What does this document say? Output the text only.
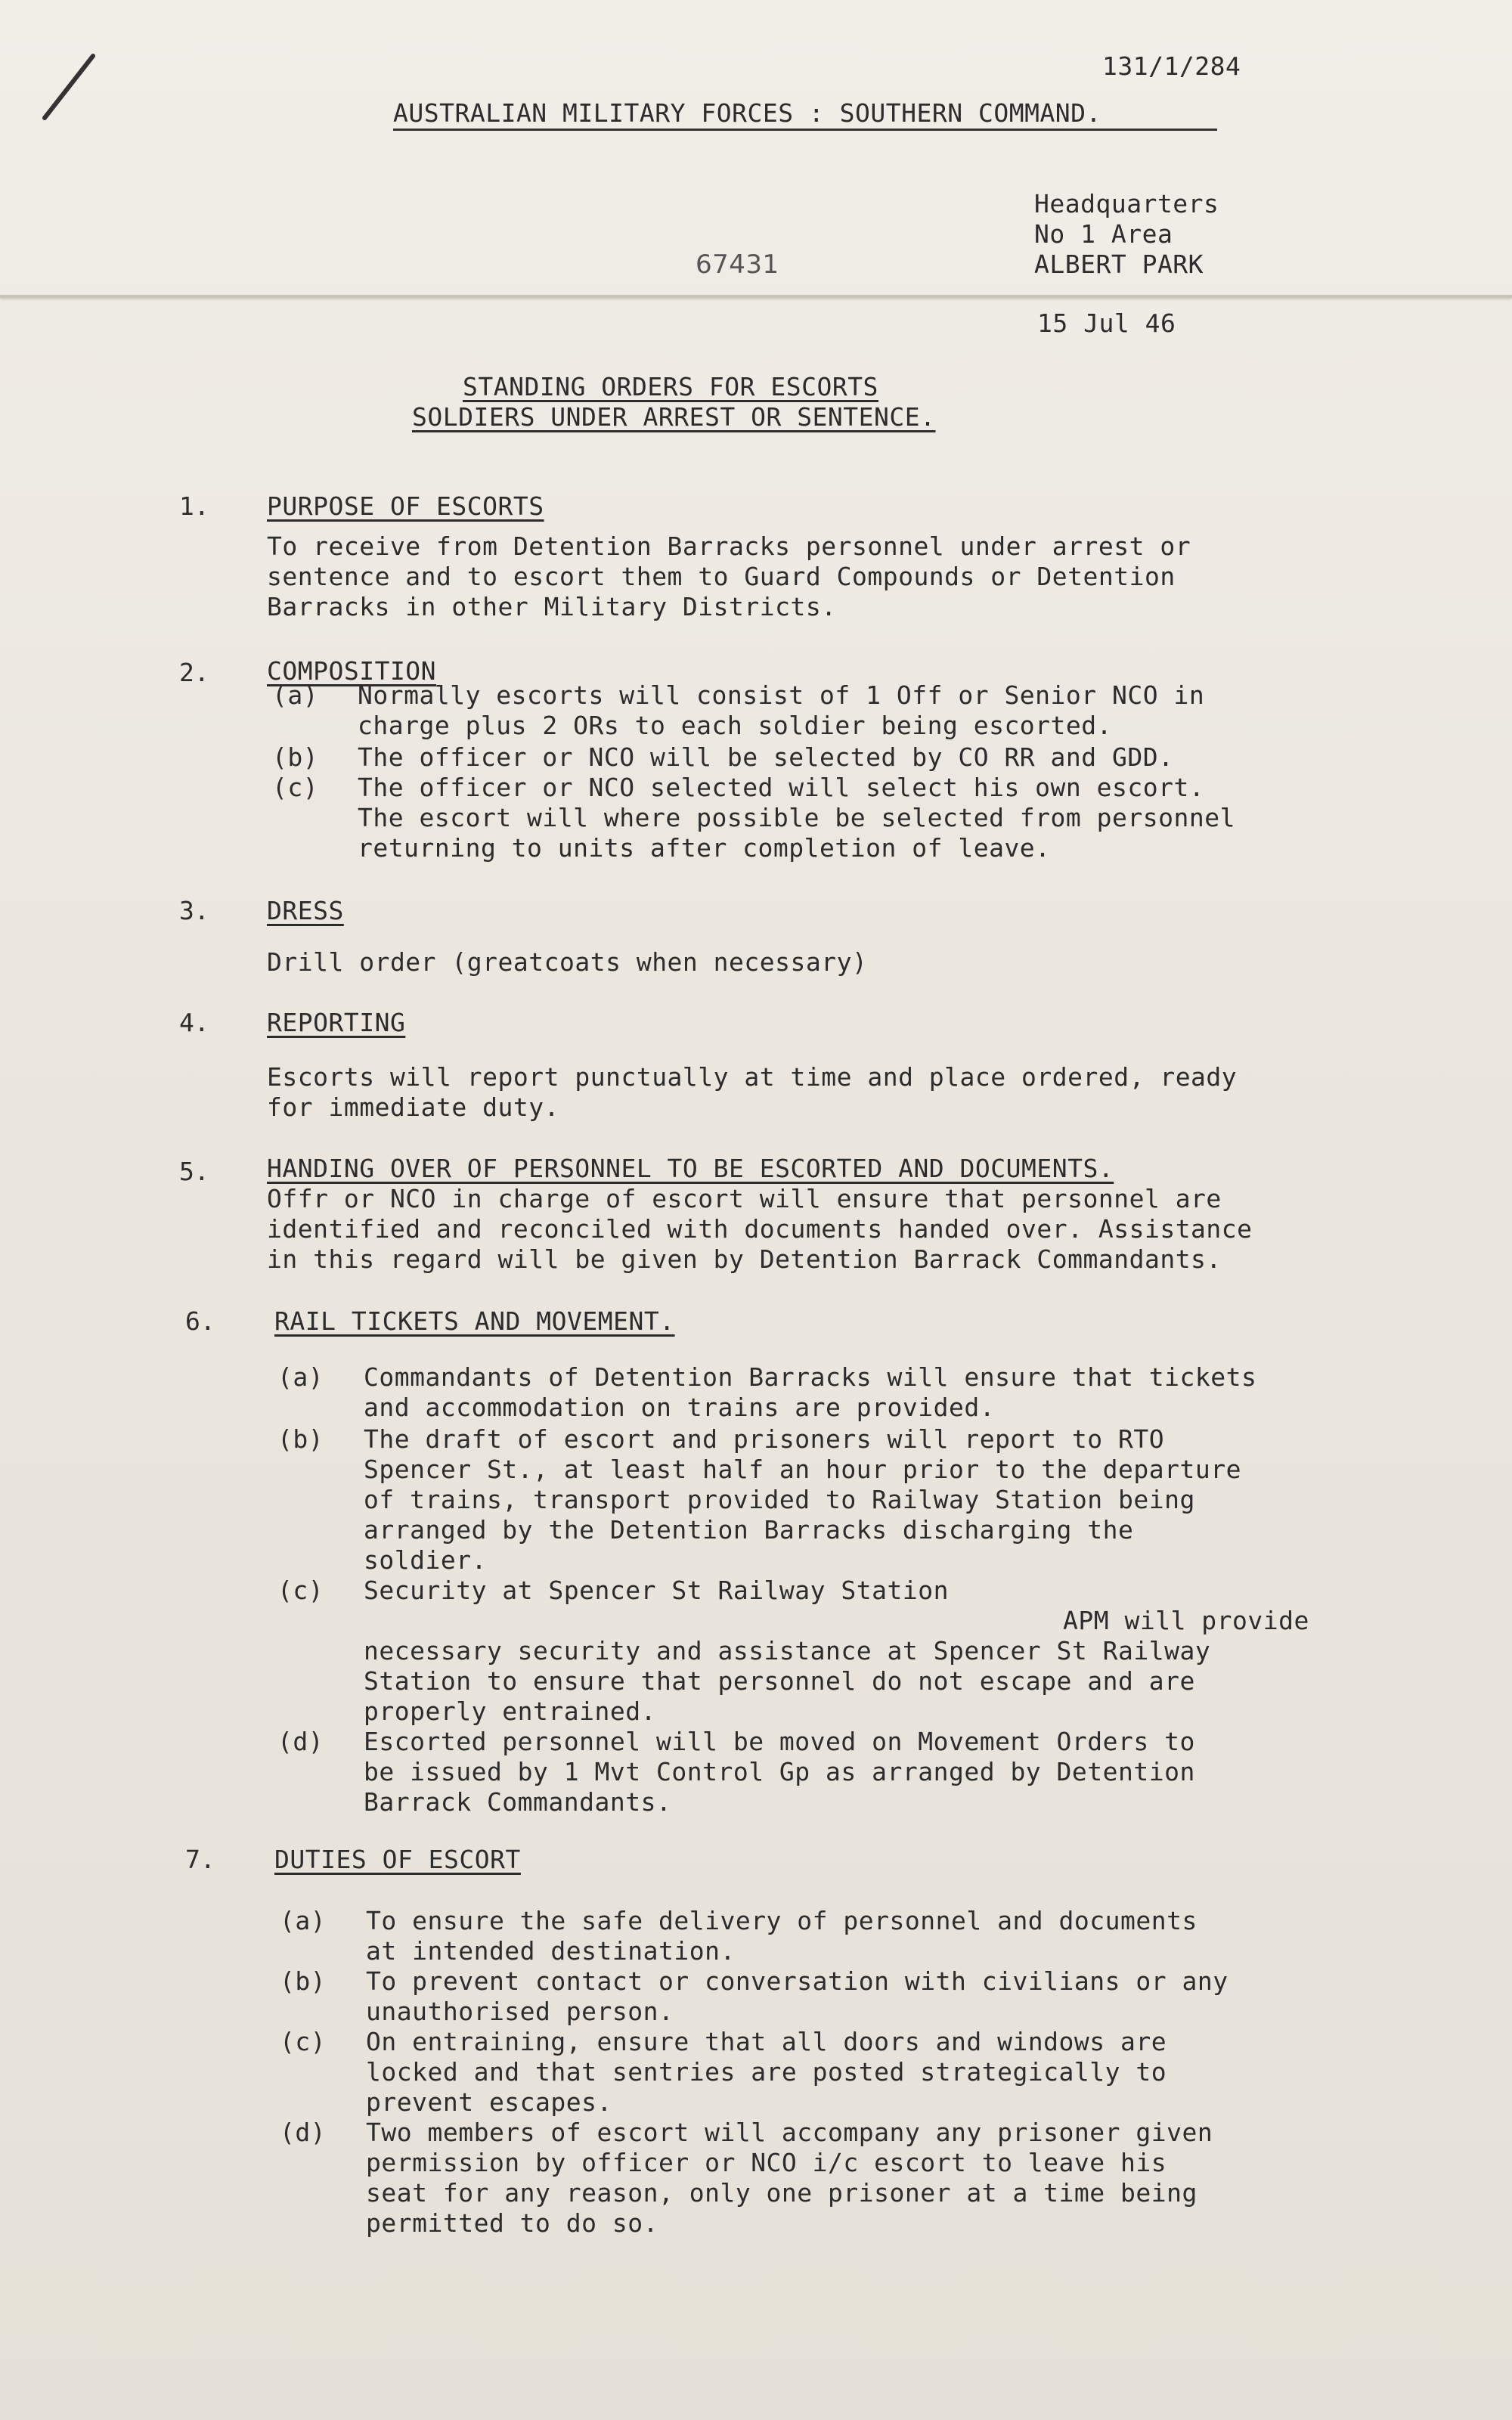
131/1/284
AUSTRALIAN MILITARY FORCES : SOUTHERN COMMAND.
Headquarters
No 1 Area
ALBERT PARK
67431
15 Jul 46
STANDING ORDERS FOR ESCORTS
SOLDIERS UNDER ARREST OR SENTENCE.
1. PURPOSE OF ESCORTS
To receive from Detention Barracks personnel under arrest or
sentence and to escort them to Guard Compounds or Detention
Barracks in other Military Districts.
2. COMPOSITION
(a) Normally escorts will consist of 1 Off or Senior NCO in
charge plus 2 ORs to each soldier being escorted.
(b) The officer or NCO will be selected by CO RR and GDD.
(c) The officer or NCO selected will select his own escort.
The escort will where possible be selected from personnel
returning to units after completion of leave.
3. DRESS
Drill order (greatcoats when necessary)
4. REPORTING
Escorts will report punctually at time and place ordered, ready
for immediate duty.
5. HANDING OVER OF PERSONNEL TO BE ESCORTED AND DOCUMENTS.
Offr or NCO in charge of escort will ensure that personnel are
identified and reconciled with documents handed over. Assistance
in this regard will be given by Detention Barrack Commandants.
6. RAIL TICKETS AND MOVEMENT.
(a) Commandants of Detention Barracks will ensure that tickets
and accommodation on trains are provided.
(b) The draft of escort and prisoners will report to RTO
Spencer St., at least half an hour prior to the departure
of trains, transport provided to Railway Station being
arranged by the Detention Barracks discharging the
soldier.
(c) Security at Spencer St Railway Station
APM will provide
necessary security and assistance at Spencer St Railway
Station to ensure that personnel do not escape and are
properly entrained.
(d) Escorted personnel will be moved on Movement Orders to
be issued by 1 Mvt Control Gp as arranged by Detention
Barrack Commandants.
7. DUTIES OF ESCORT
(a) To ensure the safe delivery of personnel and documents
at intended destination.
(b) To prevent contact or conversation with civilians or any
unauthorised person.
(c) On entraining, ensure that all doors and windows are
locked and that sentries are posted strategically to
prevent escapes.
(d) Two members of escort will accompany any prisoner given
permission by officer or NCO i/c escort to leave his
seat for any reason, only one prisoner at a time being
permitted to do so.
